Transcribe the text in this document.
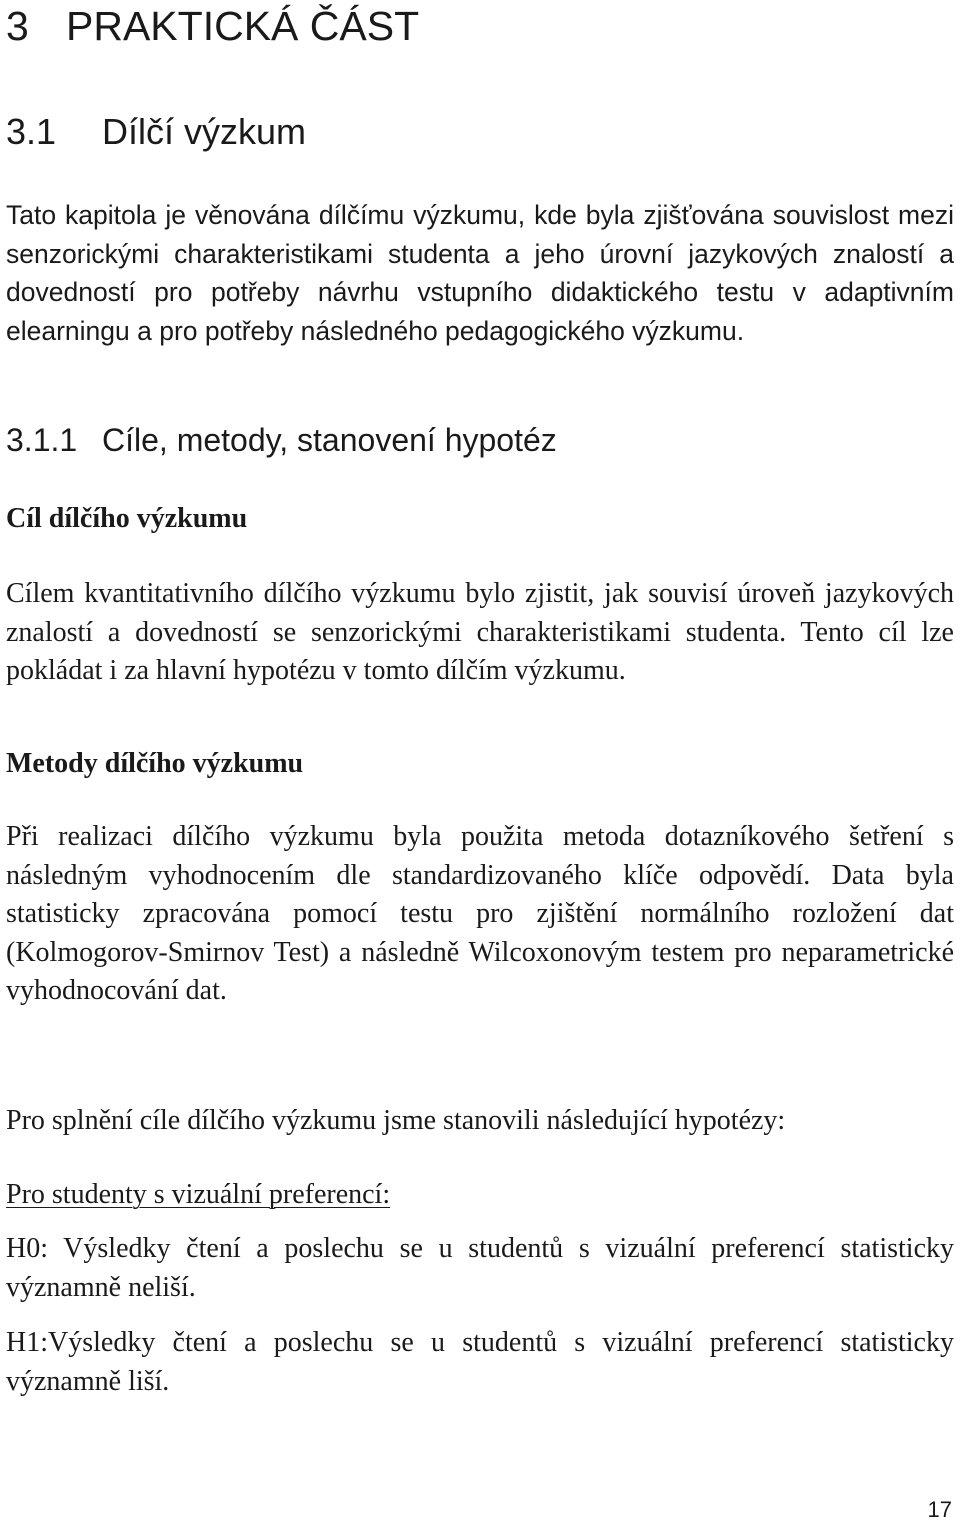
3 PRAKTICKÁ ČÁST
3.1 Dílčí výzkum

Tato kapitola je věnována dílčímu výzkumu, kde byla zjišťována souvislost mezi senzorickými charakteristikami studenta a jeho úrovní jazykových znalostí a dovedností pro potřeby návrhu vstupního didaktického testu v adaptivním elearningu a pro potřeby následného pedagogického výzkumu.

3.1.1 Cíle, metody, stanovení hypotéz

Cíl dílčího výzkumu

Cílem kvantitativního dílčího výzkumu bylo zjistit, jak souvisí úroveň jazykových znalostí a dovedností se senzorickými charakteristikami studenta. Tento cíl lze pokládat i za hlavní hypotézu v tomto dílčím výzkumu.

Metody dílčího výzkumu

Při realizaci dílčího výzkumu byla použita metoda dotazníkového šetření s následným vyhodnocením dle standardizovaného klíče odpovědí. Data byla statisticky zpracována pomocí testu pro zjištění normálního rozložení dat (Kolmogorov-Smirnov Test) a následně Wilcoxonovým testem pro neparametrické vyhodnocování dat.

Pro splnění cíle dílčího výzkumu jsme stanovili následující hypotézy:

Pro studenty s vizuální preferencí:

H0: Výsledky čtení a poslechu se u studentů s vizuální preferencí statisticky významně neliší.

H1:Výsledky čtení a poslechu se u studentů s vizuální preferencí statisticky významně liší.

17
